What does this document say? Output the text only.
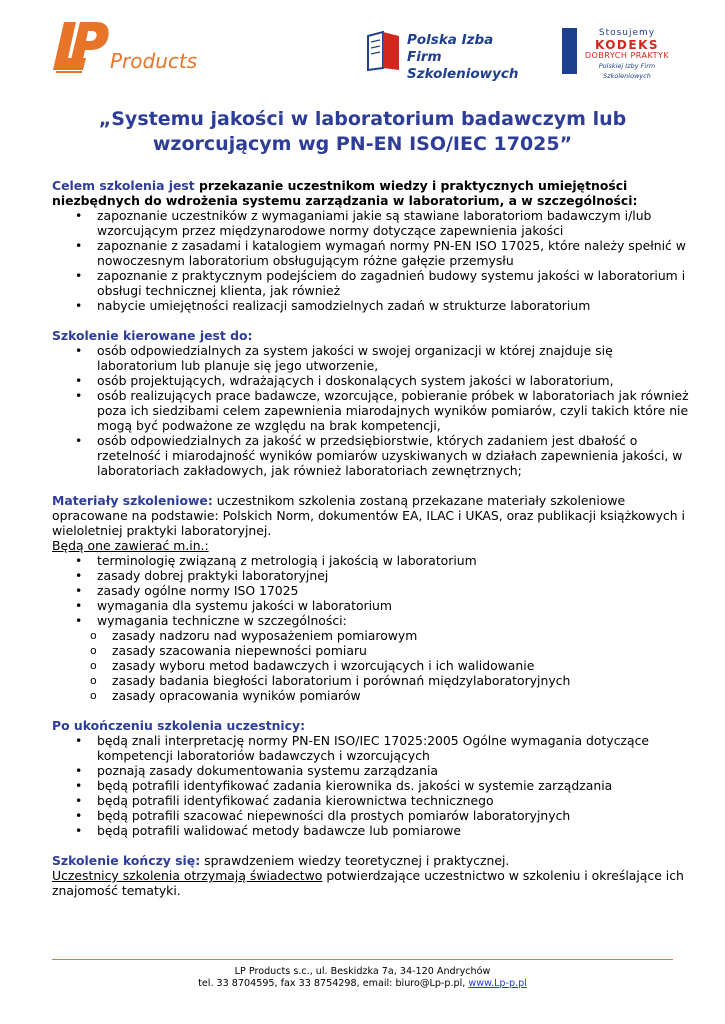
Products
Polska Izba
Firm Szkoleniowych
Stosujemy
KODEKS
DOBRYCH PRAKTYK
Polskiej Izby Firm Szkoleniowych
„Systemu jakości w laboratorium badawczym lub
wzorcującym wg PN-EN ISO/IEC 17025”

Celem szkolenia jest przekazanie uczestnikom wiedzy i praktycznych umiejętności niezbędnych do wdrożenia systemu zarządzania w laboratorium, a w szczególności:

• zapoznanie uczestników z wymaganiami jakie są stawiane laboratoriom badawczym i/lub wzorcującym przez międzynarodowe normy dotyczące zapewnienia jakości
• zapoznanie z zasadami i katalogiem wymagań normy PN-EN ISO 17025, które należy spełnić w nowoczesnym laboratorium obsługującym różne gałęzie przemysłu
• zapoznanie z praktycznym podejściem do zagadnień budowy systemu jakości w laboratorium i obsługi technicznej klienta, jak również
• nabycie umiejętności realizacji samodzielnych zadań w strukturze laboratorium

Szkolenie kierowane jest do:

• osób odpowiedzialnych za system jakości w swojej organizacji w której znajduje się laboratorium lub planuje się jego utworzenie,
• osób projektujących, wdrażających i doskonalących system jakości w laboratorium,
• osób realizujących prace badawcze, wzorcujące, pobieranie próbek w laboratoriach jak również poza ich siedzibami celem zapewnienia miarodajnych wyników pomiarów, czyli takich które nie mogą być podważone ze względu na brak kompetencji,
• osób odpowiedzialnych za jakość w przedsiębiorstwie, których zadaniem jest dbałość o rzetelność i miarodajność wyników pomiarów uzyskiwanych w działach zapewnienia jakości, w laboratoriach zakładowych, jak również laboratoriach zewnętrznych;

Materiały szkoleniowe: uczestnikom szkolenia zostaną przekazane materiały szkoleniowe opracowane na podstawie: Polskich Norm, dokumentów EA, ILAC i UKAS, oraz publikacji książkowych i wieloletniej praktyki laboratoryjnej.

Będą one zawierać m.in.:

• terminologię związaną z metrologią i jakością w laboratorium
• zasady dobrej praktyki laboratoryjnej
• zasady ogólne normy ISO 17025
• wymagania dla systemu jakości w laboratorium
• wymagania techniczne w szczególności:
o zasady nadzoru nad wyposażeniem pomiarowym
o zasady szacowania niepewności pomiaru
o zasady wyboru metod badawczych i wzorcujących i ich walidowanie
o zasady badania biegłości laboratorium i porównań międzylaboratoryjnych
o zasady opracowania wyników pomiarów

Po ukończeniu szkolenia uczestnicy:

• będą znali interpretację normy PN-EN ISO/IEC 17025:2005 Ogólne wymagania dotyczące kompetencji laboratoriów badawczych i wzorcujących
• poznają zasady dokumentowania systemu zarządzania
• będą potrafili identyfikować zadania kierownika ds. jakości w systemie zarządzania
• będą potrafili identyfikować zadania kierownictwa technicznego
• będą potrafili szacować niepewności dla prostych pomiarów laboratoryjnych
• będą potrafili walidować metody badawcze lub pomiarowe

Szkolenie kończy się: sprawdzeniem wiedzy teoretycznej i praktycznej.

Uczestnicy szkolenia otrzymają świadectwo potwierdzające uczestnictwo w szkoleniu i określające ich znajomość tematyki.

LP Products s.c., ul. Beskidzka 7a, 34-120 Andrychów
tel. 33 8704595, fax 33 8754298, email: biuro@Lp-p.pl, www.Lp-p.pl
